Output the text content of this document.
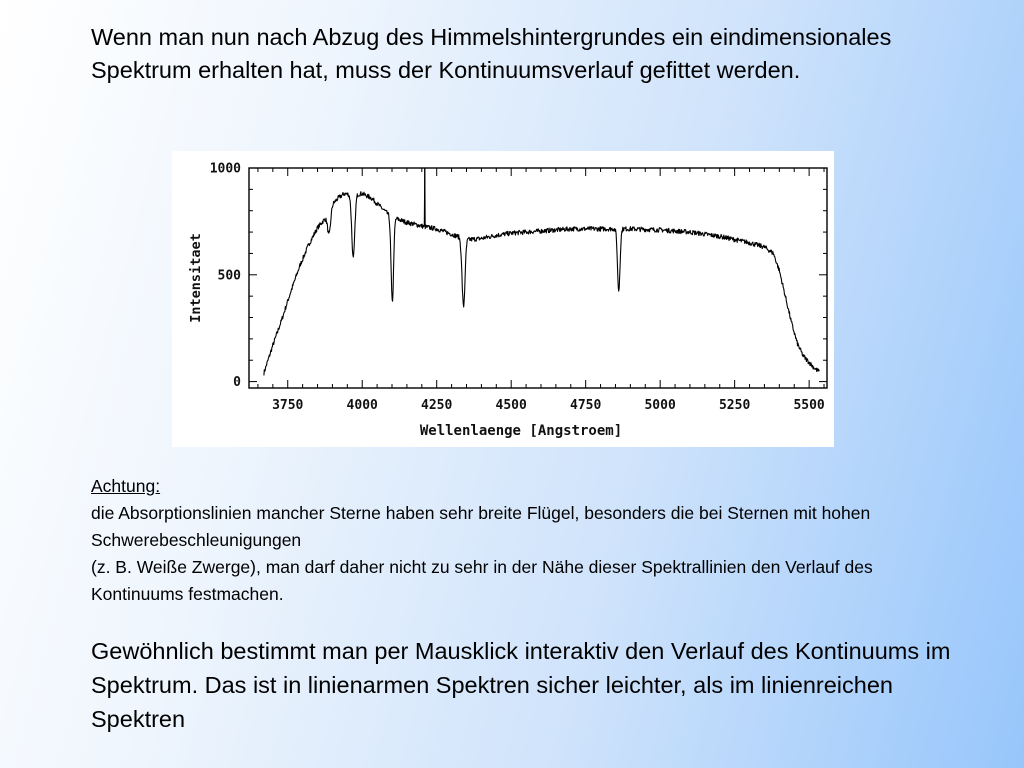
Wenn man nun nach Abzug des Himmelshintergrundes ein eindimensionales Spektrum erhalten hat, muss der Kontinuumsverlauf gefittet werden.

3750	4000	4250	4500	4750	5000	5250	5500
0
500
1000
Intensitaet
Wellenlaenge [Angstroem]
Achtung:
die Absorptionslinien mancher Sterne haben sehr breite Flügel, besonders die bei Sternen mit hohen Schwerebeschleunigungen
(z. B. Weiße Zwerge), man darf daher nicht zu sehr in der Nähe dieser Spektrallinien den Verlauf des Kontinuums festmachen.

Gewöhnlich bestimmt man per Mausklick interaktiv den Verlauf des Kontinuums im Spektrum. Das ist in linienarmen Spektren sicher leichter, als im linienreichen Spektren
